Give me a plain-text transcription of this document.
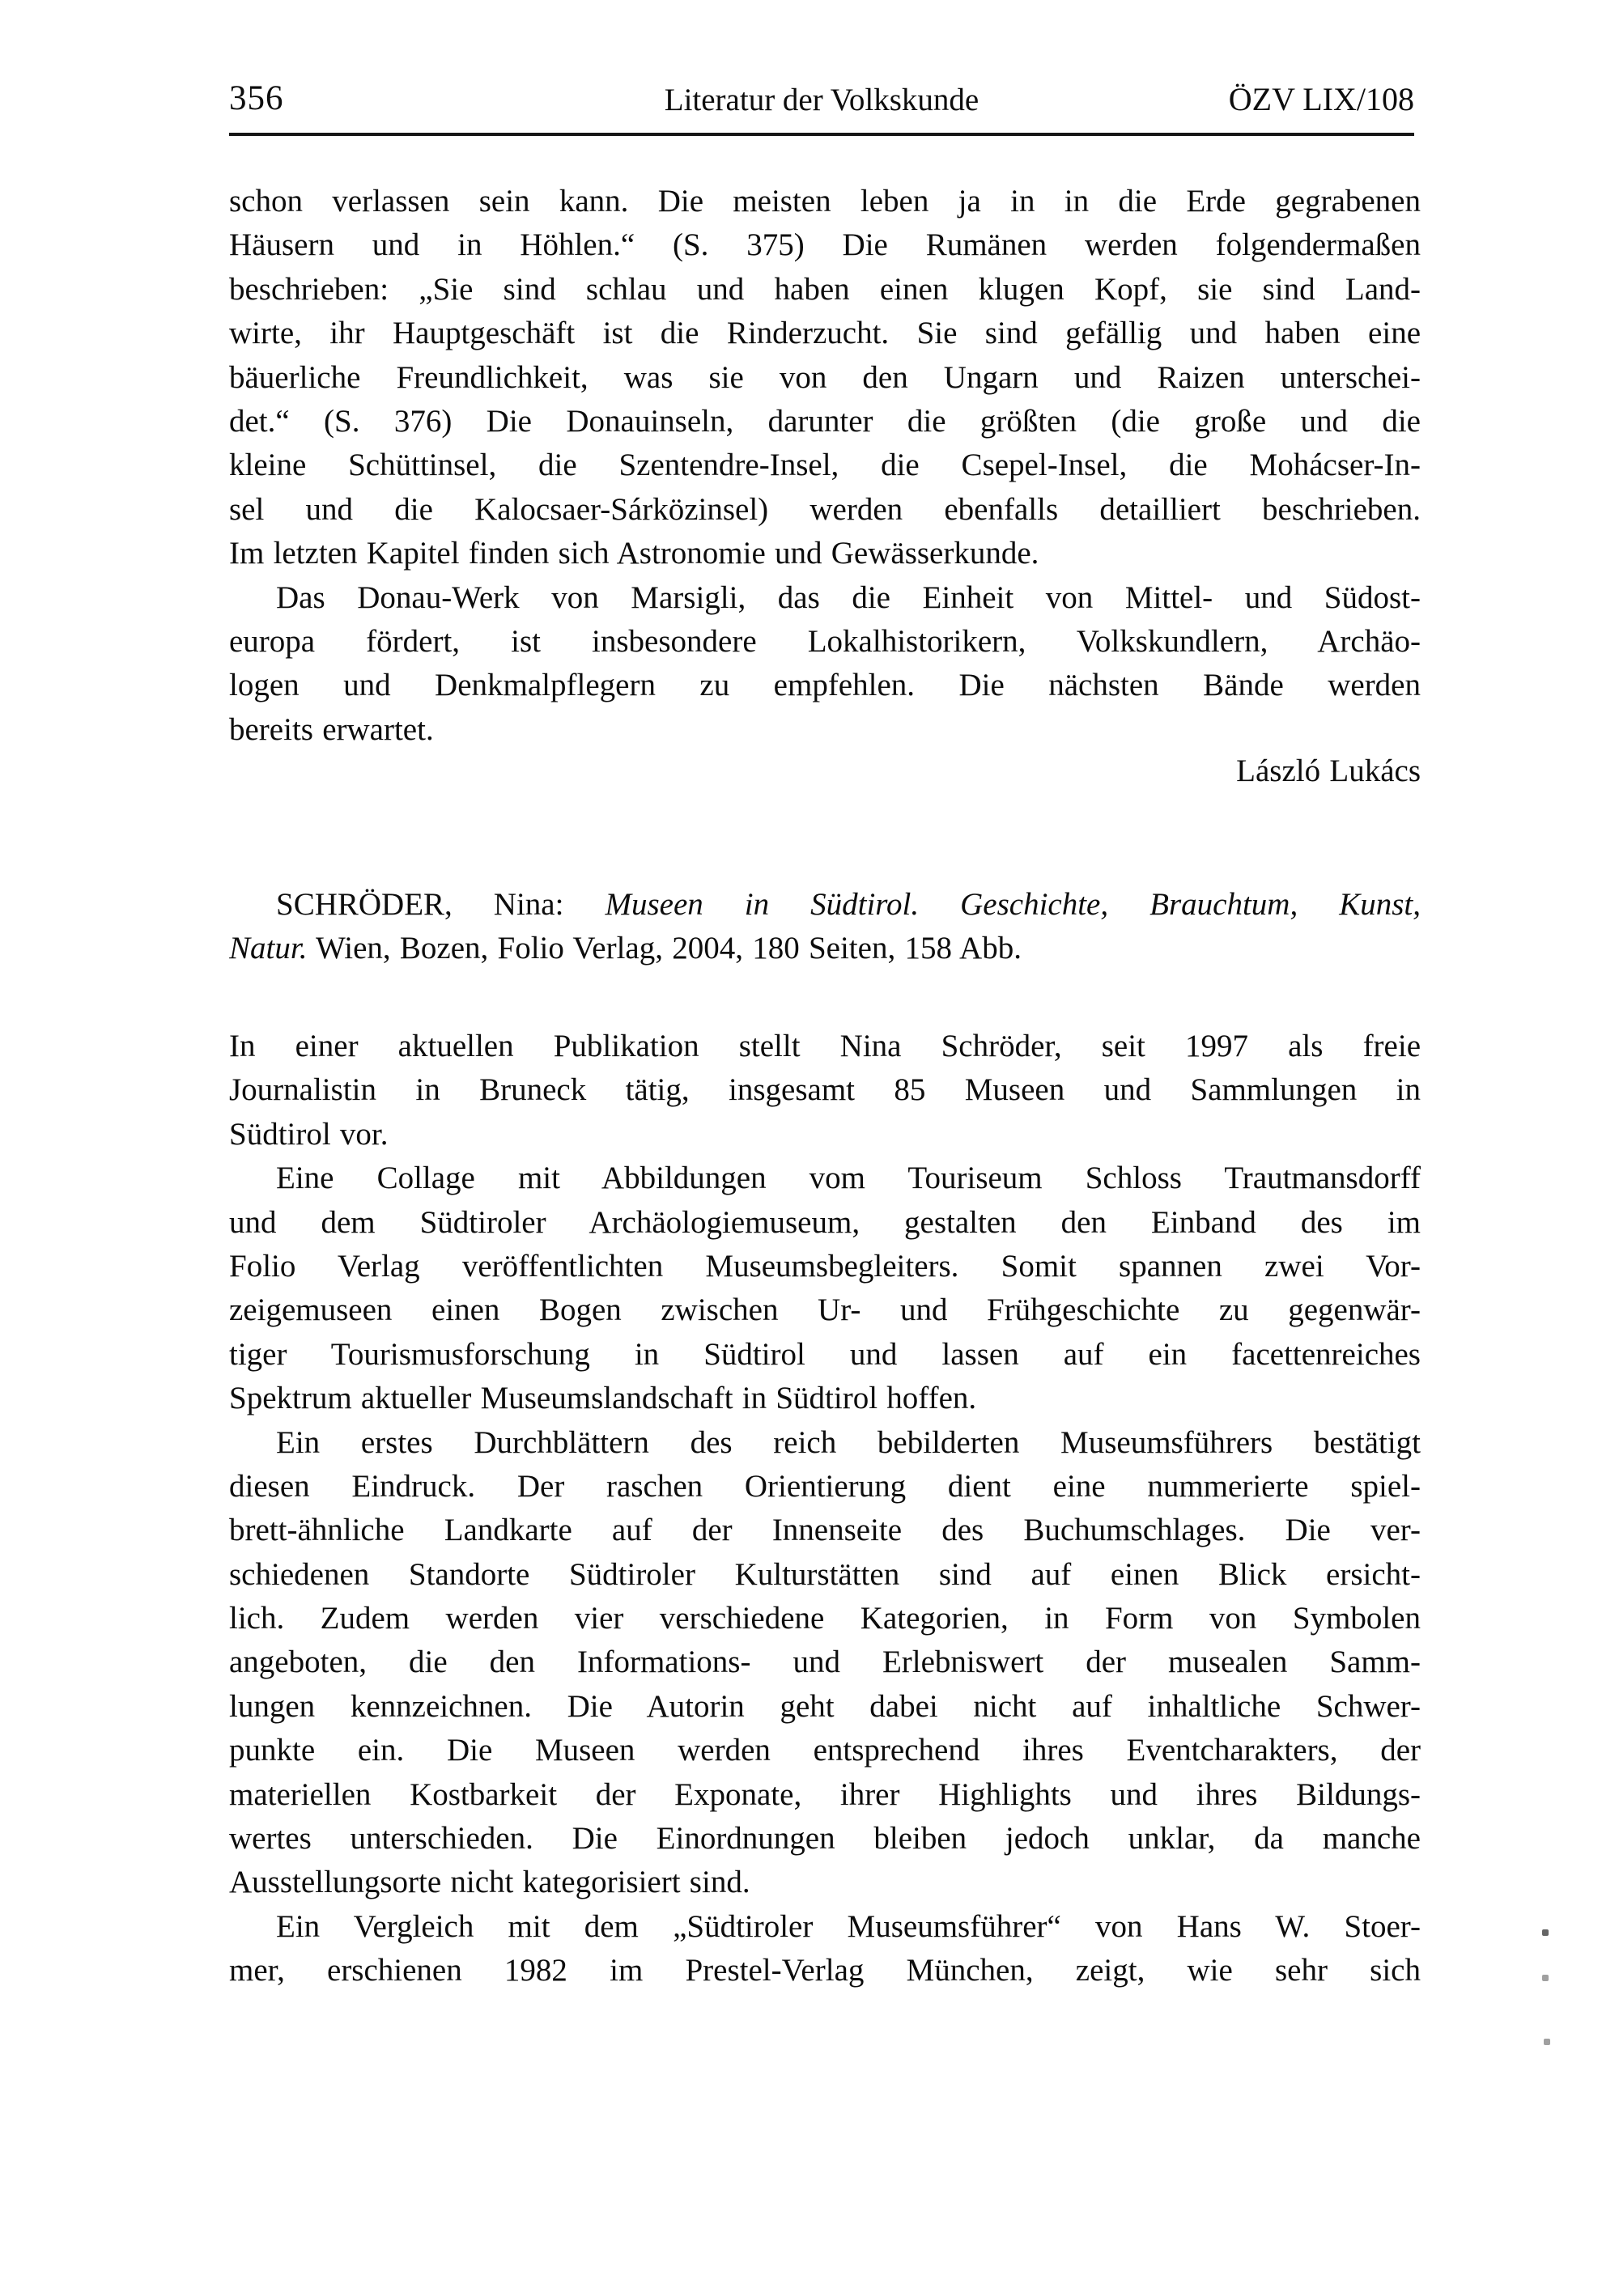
356	Literatur der Volkskunde	ÖZV LIX/108
schon verlassen sein kann. Die meisten leben ja in in die Erde gegrabenen
Häusern und in Höhlen.“ (S. 375) Die Rumänen werden folgendermaßen
beschrieben: „Sie sind schlau und haben einen klugen Kopf, sie sind Land-
wirte, ihr Hauptgeschäft ist die Rinderzucht. Sie sind gefällig und haben eine
bäuerliche Freundlichkeit, was sie von den Ungarn und Raizen unterschei-
det.“ (S. 376) Die Donauinseln, darunter die größten (die große und die
kleine Schüttinsel, die Szentendre-Insel, die Csepel-Insel, die Mohácser-In-
sel und die Kalocsaer-Sárközinsel) werden ebenfalls detailliert beschrieben.
Im letzten Kapitel finden sich Astronomie und Gewässerkunde.
Das Donau-Werk von Marsigli, das die Einheit von Mittel- und Südost-
europa fördert, ist insbesondere Lokalhistorikern, Volkskundlern, Archäo-
logen und Denkmalpflegern zu empfehlen. Die nächsten Bände werden
bereits erwartet.
László Lukács
SCHRÖDER, Nina: Museen in Südtirol. Geschichte, Brauchtum, Kunst,
Natur. Wien, Bozen, Folio Verlag, 2004, 180 Seiten, 158 Abb.
In einer aktuellen Publikation stellt Nina Schröder, seit 1997 als freie
Journalistin in Bruneck tätig, insgesamt 85 Museen und Sammlungen in
Südtirol vor.
Eine Collage mit Abbildungen vom Touriseum Schloss Trautmansdorff
und dem Südtiroler Archäologiemuseum, gestalten den Einband des im
Folio Verlag veröffentlichten Museumsbegleiters. Somit spannen zwei Vor-
zeigemuseen einen Bogen zwischen Ur- und Frühgeschichte zu gegenwär-
tiger Tourismusforschung in Südtirol und lassen auf ein facettenreiches
Spektrum aktueller Museumslandschaft in Südtirol hoffen.
Ein erstes Durchblättern des reich bebilderten Museumsführers bestätigt
diesen Eindruck. Der raschen Orientierung dient eine nummerierte spiel-
brett-ähnliche Landkarte auf der Innenseite des Buchumschlages. Die ver-
schiedenen Standorte Südtiroler Kulturstätten sind auf einen Blick ersicht-
lich. Zudem werden vier verschiedene Kategorien, in Form von Symbolen
angeboten, die den Informations- und Erlebniswert der musealen Samm-
lungen kennzeichnen. Die Autorin geht dabei nicht auf inhaltliche Schwer-
punkte ein. Die Museen werden entsprechend ihres Eventcharakters, der
materiellen Kostbarkeit der Exponate, ihrer Highlights und ihres Bildungs-
wertes unterschieden. Die Einordnungen bleiben jedoch unklar, da manche
Ausstellungsorte nicht kategorisiert sind.
Ein Vergleich mit dem „Südtiroler Museumsführer“ von Hans W. Stoer-
mer, erschienen 1982 im Prestel-Verlag München, zeigt, wie sehr sich
